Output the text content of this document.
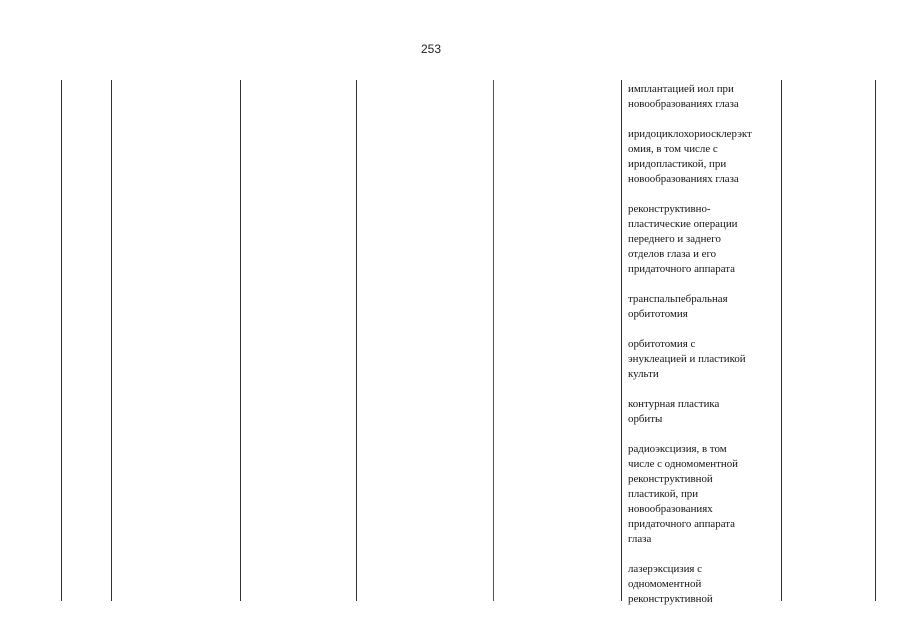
253
имплантацией иол при
новообразованиях глаза
иридоциклохориосклерэкт
омия, в том числе с
иридопластикой, при
новообразованиях глаза
реконструктивно-
пластические операции
переднего и заднего
отделов глаза и его
придаточного аппарата
транспальпебральная
орбитотомия
орбитотомия с
энуклеацией и пластикой
культи
контурная пластика
орбиты
радиоэксцизия, в том
числе с одномоментной
реконструктивной
пластикой, при
новообразованиях
придаточного аппарата
глаза
лазерэксцизия с
одномоментной
реконструктивной
